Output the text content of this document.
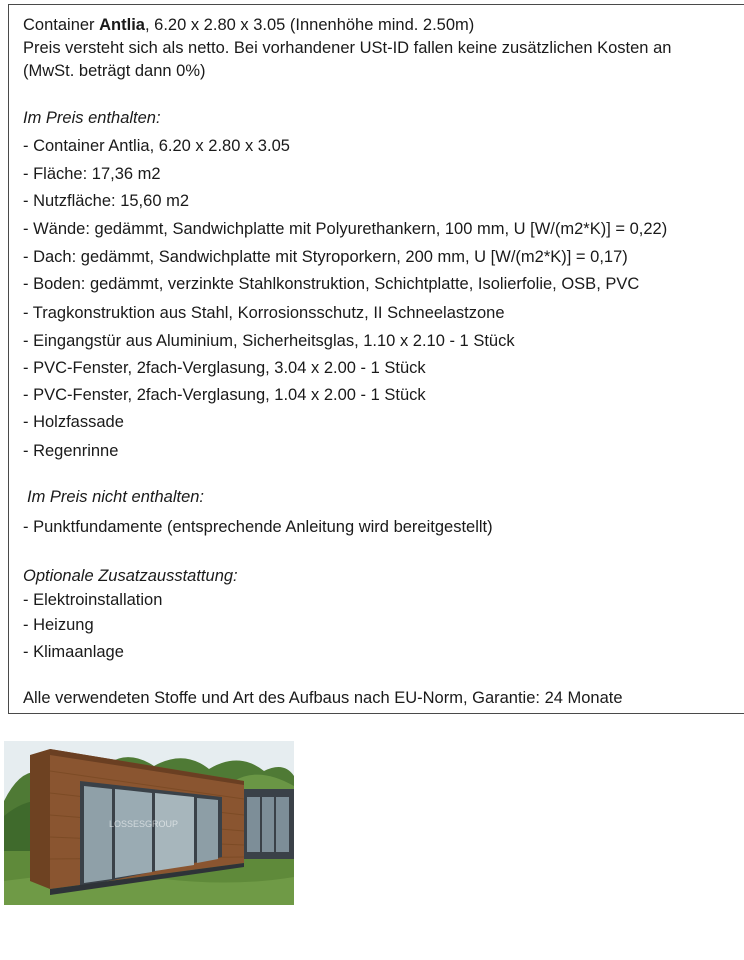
Container Antlia, 6.20 x 2.80 x 3.05 (Innenhöhe mind. 2.50m)
Preis versteht sich als netto. Bei vorhandener USt-ID fallen keine zusätzlichen Kosten an
(MwSt. beträgt dann 0%)
Im Preis enthalten:
- Container Antlia, 6.20 x 2.80 x 3.05
- Fläche: 17,36 m2
- Nutzfläche: 15,60 m2
- Wände: gedämmt, Sandwichplatte mit Polyurethankern, 100 mm, U [W/(m2*K)] = 0,22)
- Dach: gedämmt, Sandwichplatte mit Styroporkern, 200 mm, U [W/(m2*K)] = 0,17)
- Boden: gedämmt, verzinkte Stahlkonstruktion, Schichtplatte, Isolierfolie, OSB, PVC
- Tragkonstruktion aus Stahl, Korrosionsschutz, II Schneelastzone
- Eingangstür aus Aluminium, Sicherheitsglas, 1.10 x 2.10 - 1 Stück
- PVC-Fenster, 2fach-Verglasung, 3.04 x 2.00 - 1 Stück
- PVC-Fenster, 2fach-Verglasung, 1.04 x 2.00 - 1 Stück
- Holzfassade
- Regenrinne
Im Preis nicht enthalten:
- Punktfundamente (entsprechende Anleitung wird bereitgestellt)
Optionale Zusatzausstattung:
- Elektroinstallation
- Heizung
- Klimaanlage
Alle verwendeten Stoffe und Art des Aufbaus nach EU-Norm, Garantie: 24 Monate
LOSSESGROUP
